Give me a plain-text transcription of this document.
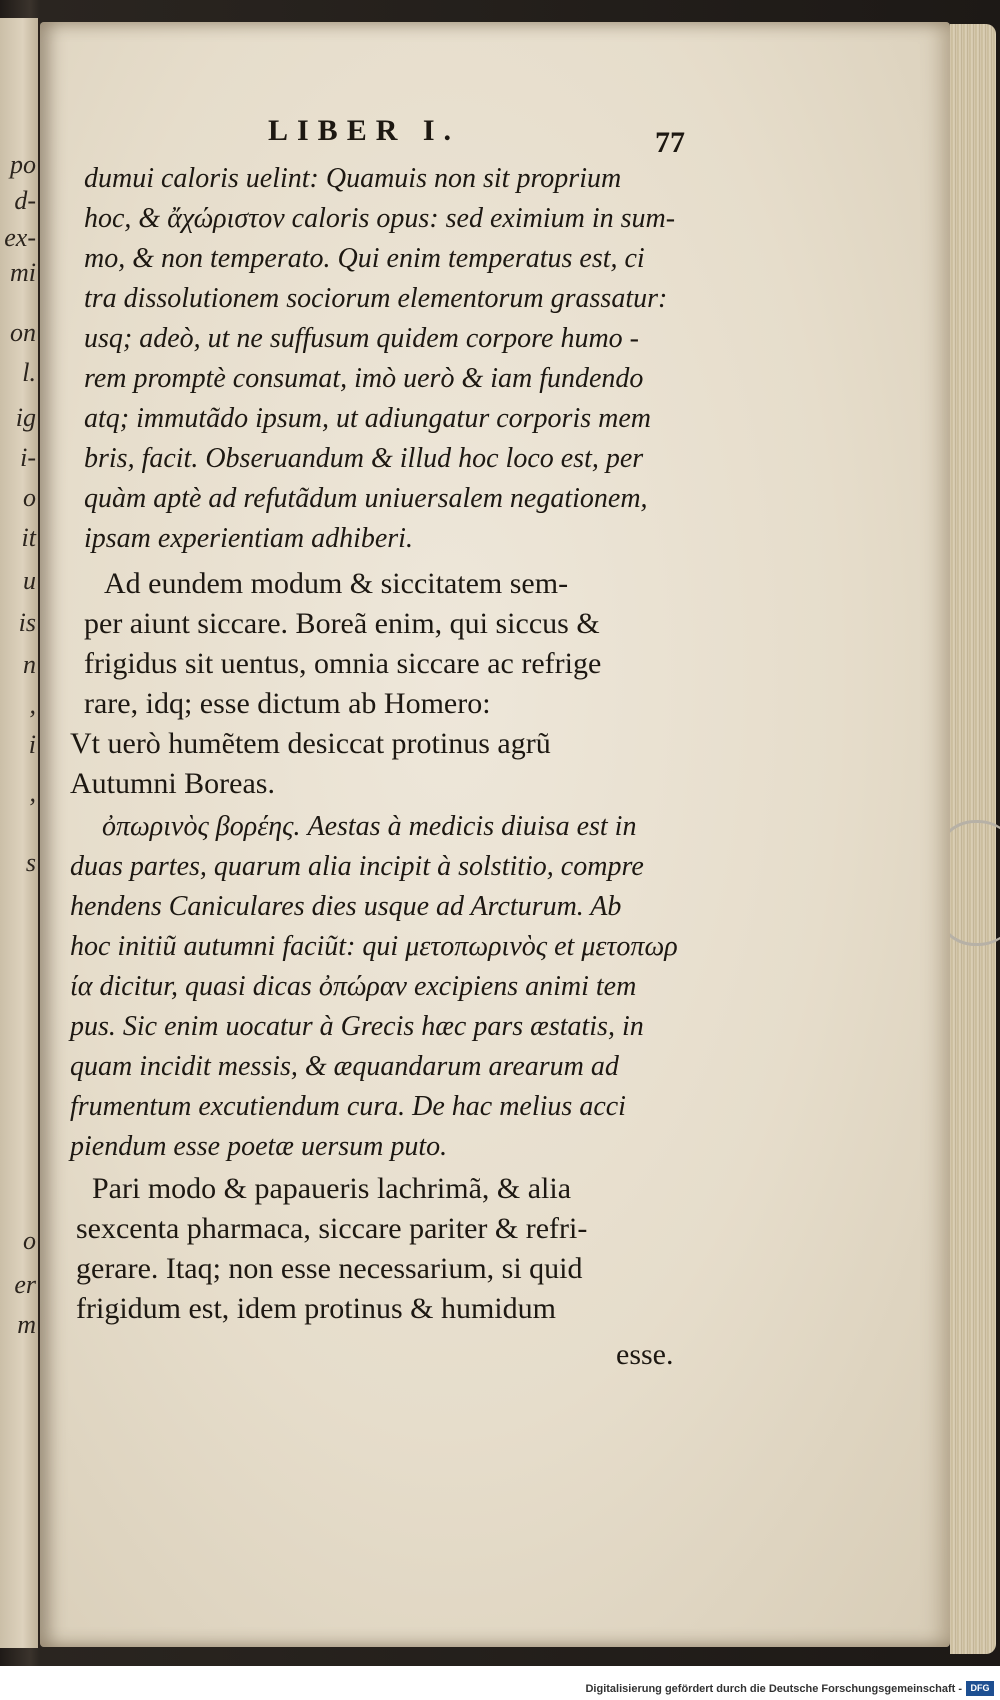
po
d-
ex-
mi
on
l.
ig
i-
o
it
u
is
n
,
i
,
s
o
er
m
LIBER I.	77
dumui caloris uelint: Quamuis non sit proprium
hoc, & ἄχώριστον caloris opus: sed eximium in sum-
mo, & non temperato. Qui enim temperatus est, ci
tra dissolutionem sociorum elementorum grassatur:
usq; adeò, ut ne suffusum quidem corpore humo -
rem promptè consumat, imò uerò & iam fundendo
atq; immutãdo ipsum, ut adiungatur corporis mem
bris, facit. Obseruandum & illud hoc loco est, per
quàm aptè ad refutãdum uniuersalem negationem,
ipsam experientiam adhiberi.
Ad eundem modum & siccitatem sem-
per aiunt siccare. Boreã enim, qui siccus &
frigidus sit uentus, omnia siccare ac refrige
rare, idq; esse dictum ab Homero:
Vt uerò humẽtem desiccat protinus agrũ
Autumni Boreas.
ὀπωρινὸς βορέης. Aestas à medicis diuisa est in
duas partes, quarum alia incipit à solstitio, compre
hendens Caniculares dies usque ad Arcturum. Ab
hoc initiũ autumni faciũt: qui μετοπωρινὸς et μετοπωρ
ία dicitur, quasi dicas ὀπώραν excipiens animi tem
pus. Sic enim uocatur à Grecis hæc pars æstatis, in
quam incidit messis, & æquandarum arearum ad
frumentum excutiendum cura. De hac melius acci
piendum esse poetæ uersum puto.
Pari modo & papaueris lachrimã, & alia
sexcenta pharmaca, siccare pariter & refri-
gerare. Itaq; non esse necessarium, si quid
frigidum est, idem protinus & humidum
esse.
Digitalisierung gefördert durch die Deutsche Forschungsgemeinschaft - DFG
